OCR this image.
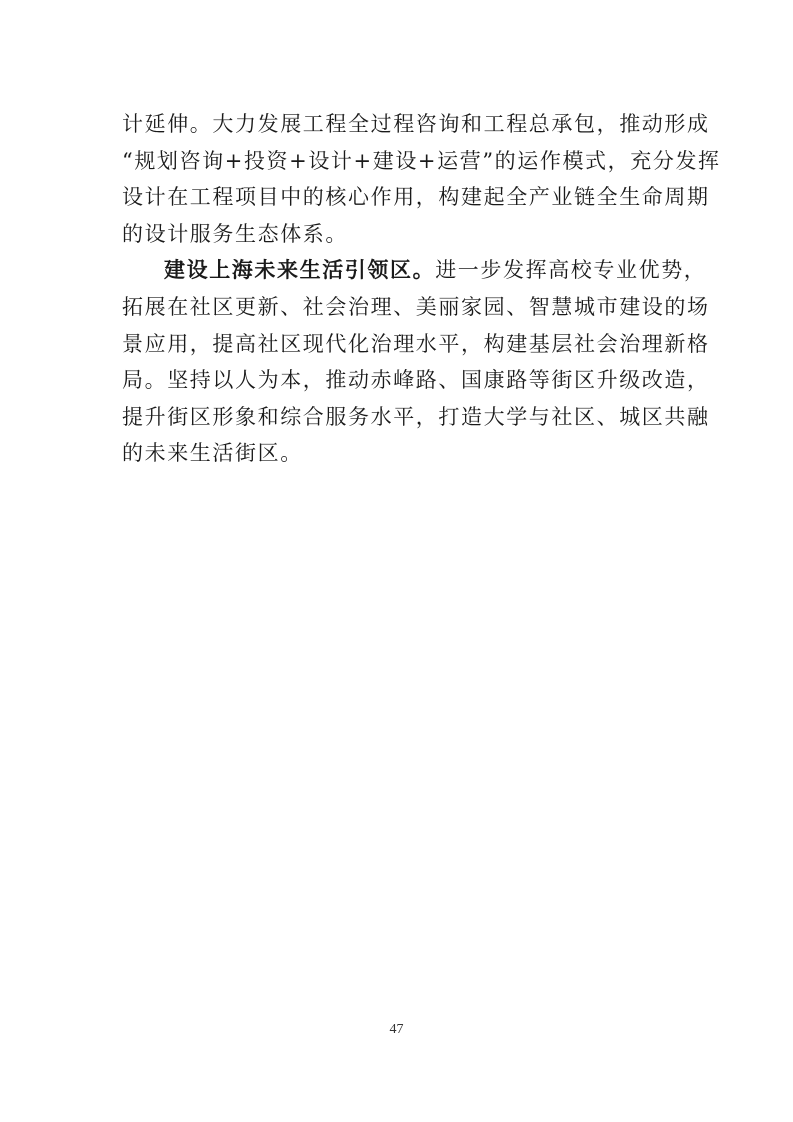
计延伸。大力发展工程全过程咨询和工程总承包，推动形成
“规划咨询+投资+设计+建设+运营”的运作模式，充分发挥
设计在工程项目中的核心作用，构建起全产业链全生命周期
的设计服务生态体系。

建设上海未来生活引领区。进一步发挥高校专业优势，
拓展在社区更新、社会治理、美丽家园、智慧城市建设的场
景应用，提高社区现代化治理水平，构建基层社会治理新格
局。坚持以人为本，推动赤峰路、国康路等街区升级改造，
提升街区形象和综合服务水平，打造大学与社区、城区共融
的未来生活街区。

47
